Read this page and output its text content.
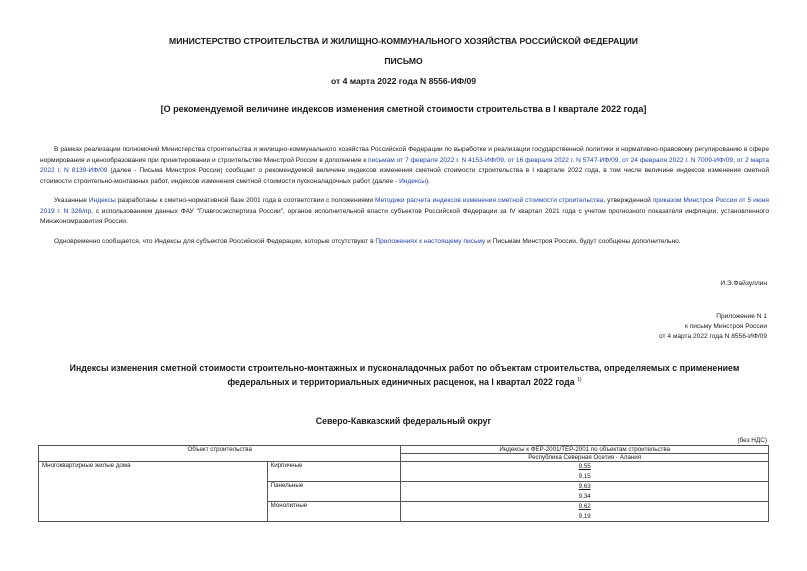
МИНИСТЕРСТВО СТРОИТЕЛЬСТВА И ЖИЛИЩНО-КОММУНАЛЬНОГО ХОЗЯЙСТВА РОССИЙСКОЙ ФЕДЕРАЦИИ
ПИСЬМО
от 4 марта 2022 года N 8556-ИФ/09
[О рекомендуемой величине индексов изменения сметной стоимости строительства в I квартале 2022 года]
В рамках реализации полномочий Министерства строительства и жилищно-коммунального хозяйства Российской Федерации по выработке и реализации государственной политики и нормативно-правовому регулированию в сфере нормирования и ценообразования при проектировании и строительстве Минстрой России в дополнение к письмам от 7 февраля 2022 г. N 4153-ИФ/09, от 16 февраля 2022 г. N 5747-ИФ/09, от 24 февраля 2022 г. N 7009-ИФ/09, от 2 марта 2022 г. N 8139-ИФ/09 (далее - Письма Минстроя России) сообщает о рекомендуемой величине индексов изменения сметной стоимости строительства в I квартале 2022 года, в том числе величине индексов изменения сметной стоимости строительно-монтажных работ, индексов изменения сметной стоимости пусконаладочных работ (далее - Индексы).
Указанные Индексы разработаны к сметно-нормативной базе 2001 года в соответствии с положениями Методики расчета индексов изменения сметной стоимости строительства, утвержденной приказом Минстроя России от 5 июня 2019 г. N 326/пр, с использованием данных ФАУ "Главгосэкспертиза России", органов исполнительной власти субъектов Российской Федерации за IV квартал 2021 года с учетом прогнозного показателя инфляции, установленного Минэкономразвития России.
Одновременно сообщается, что Индексы для субъектов Российской Федерации, которые отсутствуют в Приложениях к настоящему письму и Письмам Минстроя России, будут сообщены дополнительно.
И.Э.Файзуллин
Приложение N 1
к письму Минстроя России
от 4 марта 2022 года N 8556-ИФ/09
Индексы изменения сметной стоимости строительно-монтажных и пусконаладочных работ по объектам строительства, определяемых с применением федеральных и территориальных единичных расценок, на I квартал 2022 года $^{1)}$
Северо-Кавказский федеральный округ
(без НДС)
Объект строительства		Индексы к ФЕР-2001/ТЕР-2001 по объектам строительства
		Республика Северная Осетия - Алания
Многоквартирные жилые дома	Кирпичные	9,55
9,15

	Панельные	9,63
9,34

	Монолитные	9,62
9,19
